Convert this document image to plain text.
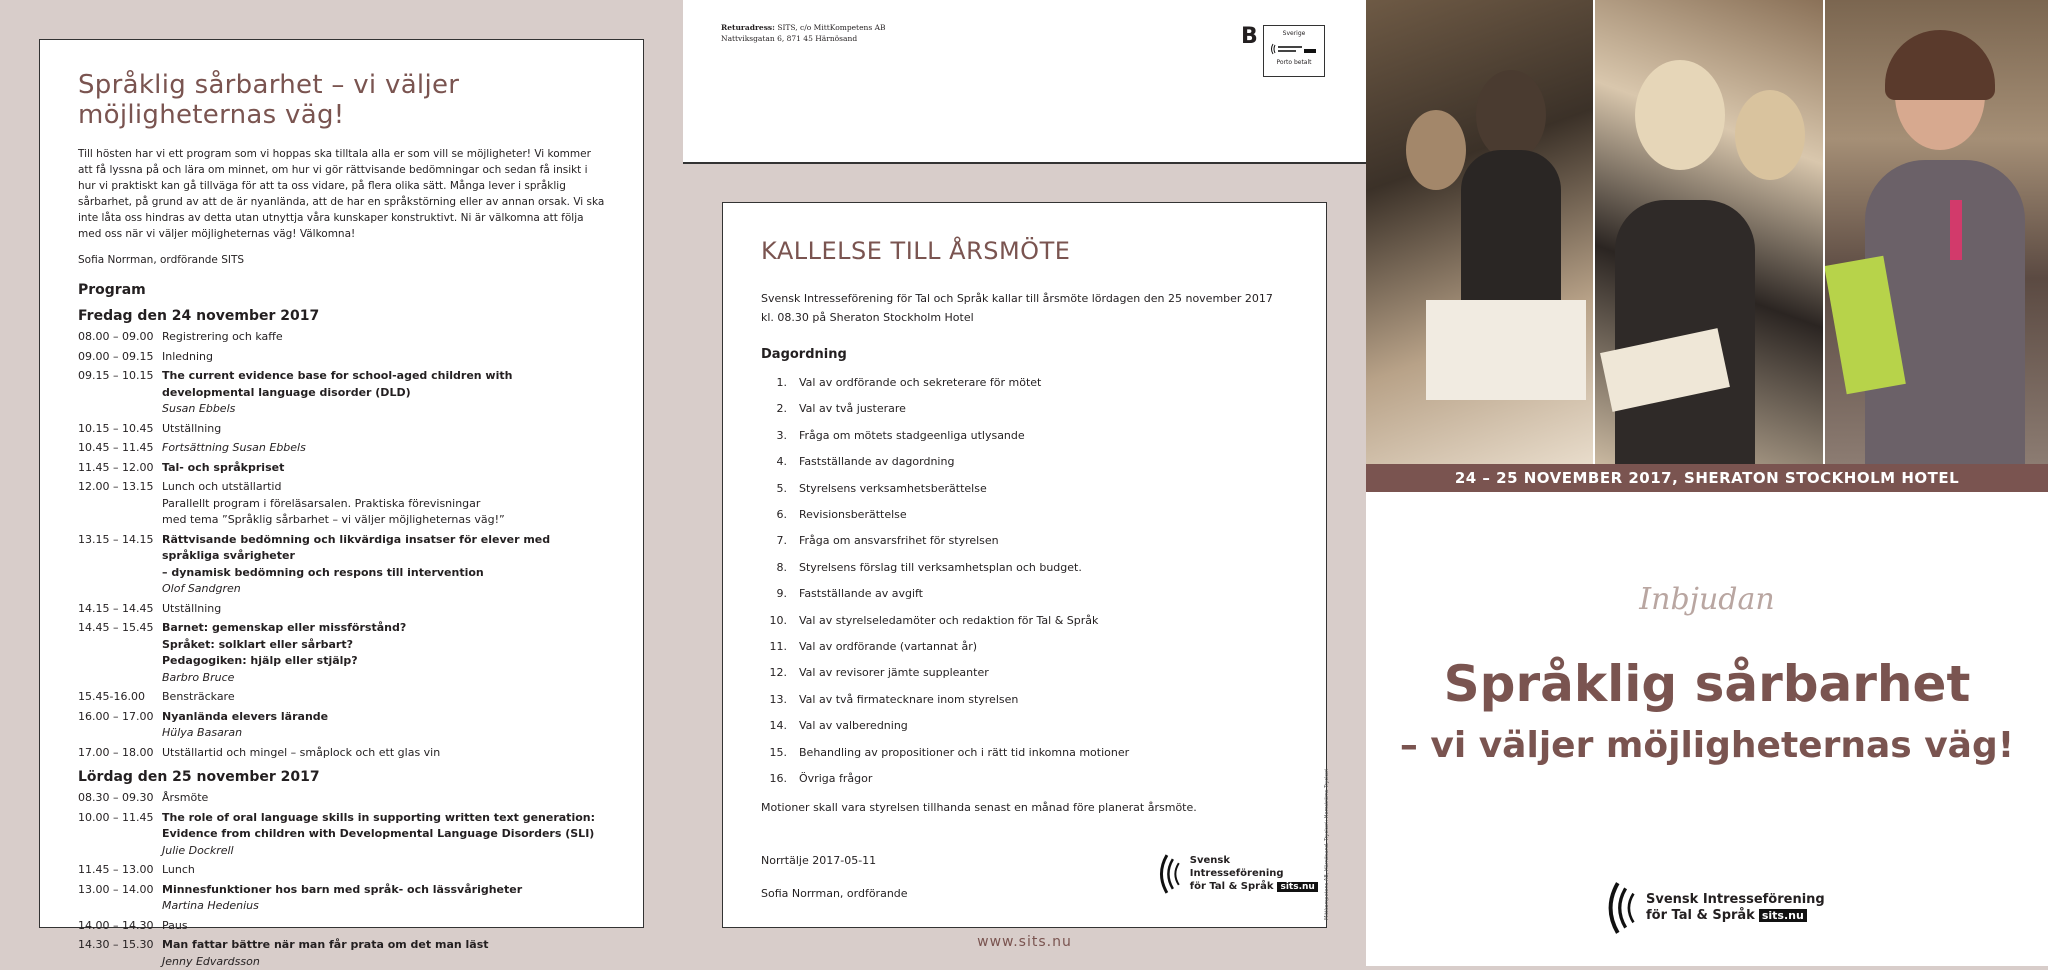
Språklig sårbarhet – vi väljer möjligheternas väg!

Till hösten har vi ett program som vi hoppas ska tilltala alla er som vill se möjligheter! Vi kommer att få lyssna på och lära om minnet, om hur vi gör rättvisande bedömningar och sedan få insikt i hur vi praktiskt kan gå tillväga för att ta oss vidare, på flera olika sätt. Många lever i språklig sårbarhet, på grund av att de är nyanlända, att de har en språkstörning eller av annan orsak. Vi ska inte låta oss hindras av detta utan utnyttja våra kunskaper konstruktivt. Ni är välkomna att följa med oss när vi väljer möjligheternas väg! Välkomna!

Sofia Norrman, ordförande SITS

Program
Fredag den 24 november 2017
08.00 – 09.00 Registrering och kaffe
09.00 – 09.15 Inledning
09.15 – 10.15 The current evidence base for school-aged children with
developmental language disorder (DLD)
Susan Ebbels
10.15 – 10.45 Utställning
10.45 – 11.45 Fortsättning Susan Ebbels
11.45 – 12.00 Tal- och språkpriset
12.00 – 13.15 Lunch och utställartid
Parallellt program i föreläsarsalen. Praktiska förevisningar
med tema ”Språklig sårbarhet – vi väljer möjligheternas väg!”
13.15 – 14.15 Rättvisande bedömning och likvärdiga insatser för elever med språkliga svårigheter
– dynamisk bedömning och respons till intervention
Olof Sandgren
14.15 – 14.45 Utställning
14.45 – 15.45 Barnet: gemenskap eller missförstånd?
Språket: solklart eller sårbart?
Pedagogiken: hjälp eller stjälp?
Barbro Bruce
15.45-16.00	Bensträckare
16.00 – 17.00 Nyanlända elevers lärande
Hülya Basaran
17.00 – 18.00 Utställartid och mingel – småplock och ett glas vin
Lördag den 25 november 2017
08.30 – 09.30 Årsmöte
10.00 – 11.45 The role of oral language skills in supporting written text generation:
Evidence from children with Developmental Language Disorders (SLI)
Julie Dockrell
11.45 – 13.00 Lunch
13.00 – 14.00 Minnesfunktioner hos barn med språk- och lässvårigheter
Martina Hedenius
14.00 – 14.30 Paus
14.30 – 15.30 Man fattar bättre när man får prata om det man läst
Jenny Edvardsson
Returadress: SITS, c/o MittKompetens AB
Nattviksgatan 6, 871 45 Härnösand	B	Sverige
Porto betalt
KALLELSE TILL ÅRSMÖTE

Svensk Intresseförening för Tal och Språk kallar till årsmöte lördagen den 25 november 2017 kl. 08.30 på Sheraton Stockholm Hotel

Dagordning
1. Val av ordförande och sekreterare för mötet
2. Val av två justerare
3. Fråga om mötets stadgeenliga utlysande
4. Fastställande av dagordning
5. Styrelsens verksamhetsberättelse
6. Revisionsberättelse
7. Fråga om ansvarsfrihet för styrelsen
8. Styrelsens förslag till verksamhetsplan och budget.
9. Fastställande av avgift
10. Val av styrelseledamöter och redaktion för Tal & Språk
11. Val av ordförande (vartannat år)
12. Val av revisorer jämte suppleanter
13. Val av två firmatecknare inom styrelsen
14. Val av valberedning
15. Behandling av propositioner och i rätt tid inkomna motioner
16. Övriga frågor

Motioner skall vara styrelsen tillhanda senast en månad före planerat årsmöte.

Norrtälje 2017-05-11

Sofia Norrman, ordförande

Svensk Intresseförening
för Tal & Språk sits.nu	Mittkompetens AB, Härnösand. Tryckeri: Hemströms Tryckeri
www.sits.nu
24 – 25 NOVEMBER 2017, SHERATON STOCKHOLM HOTEL
Inbjudan
Språklig sårbarhet
– vi väljer möjligheternas väg!
Svensk Intresseförening
för Tal & Språk sits.nu
